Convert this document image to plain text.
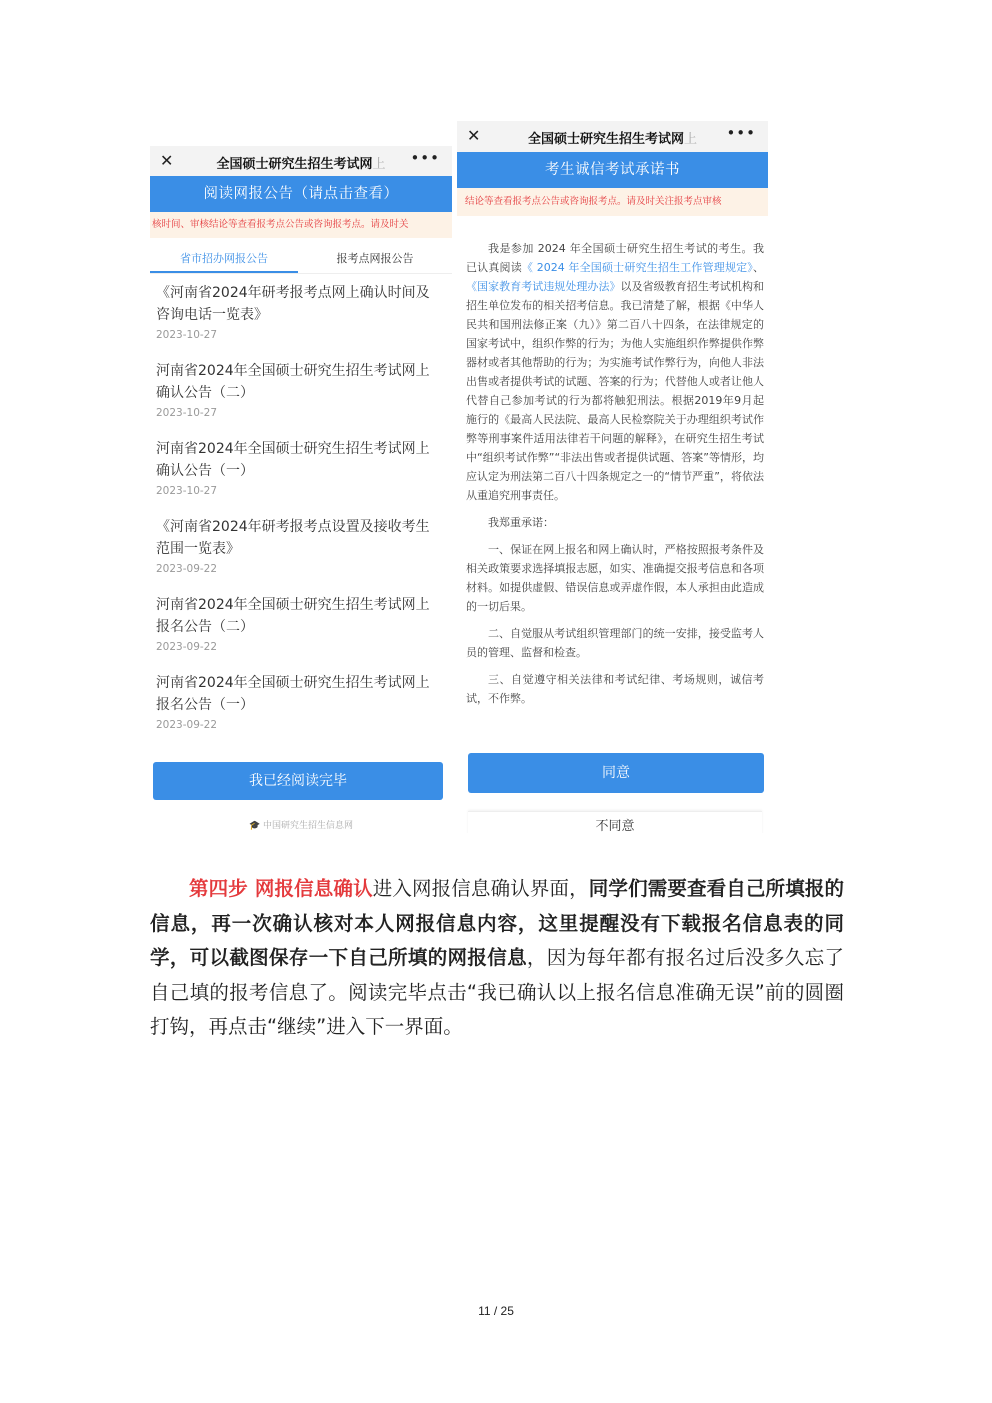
✕	全国硕士研究生招生考试网上	•••
阅读网报公告（请点击查看）
核时间、审核结论等查看报考点公告或咨询报考点。请及时关
省市招办网报公告	报考点网报公告
《河南省2024年研考报考点网上确认时间及咨询电话一览表》
2023-10-27
河南省2024年全国硕士研究生招生考试网上确认公告（二）
2023-10-27
河南省2024年全国硕士研究生招生考试网上确认公告（一）
2023-10-27
《河南省2024年研考报考点设置及接收考生范围一览表》
2023-09-22
河南省2024年全国硕士研究生招生考试网上报名公告（二）
2023-09-22
河南省2024年全国硕士研究生招生考试网上报名公告（一）
2023-09-22
我已经阅读完毕
🎓 中国研究生招生信息网
✕	全国硕士研究生招生考试网上	•••
考生诚信考试承诺书
结论等查看报考点公告或咨询报考点。请及时关注报考点审核

我是参加 2024 年全国硕士研究生招生考试的考生。我已认真阅读《 2024 年全国硕士研究生招生工作管理规定》、《国家教育考试违规处理办法》以及省级教育招生考试机构和招生单位发布的相关招考信息。我已清楚了解，根据《中华人民共和国刑法修正案（九）》第二百八十四条，在法律规定的国家考试中，组织作弊的行为；为他人实施组织作弊提供作弊器材或者其他帮助的行为；为实施考试作弊行为，向他人非法出售或者提供考试的试题、答案的行为；代替他人或者让他人代替自己参加考试的行为都将触犯刑法。根据2019年9月起施行的《最高人民法院、最高人民检察院关于办理组织考试作弊等刑事案件适用法律若干问题的解释》，在研究生招生考试中“组织考试作弊”“非法出售或者提供试题、答案”等情形，均应认定为刑法第二百八十四条规定之一的“情节严重”，将依法从重追究刑事责任。

我郑重承诺：

一、保证在网上报名和网上确认时，严格按照报考条件及相关政策要求选择填报志愿，如实、准确提交报考信息和各项材料。如提供虚假、错误信息或弄虚作假，本人承担由此造成的一切后果。

二、自觉服从考试组织管理部门的统一安排，接受监考人员的管理、监督和检查。

三、自觉遵守相关法律和考试纪律、考场规则，诚信考试，不作弊。

同意
不同意
第四步 网报信息确认进入网报信息确认界面，同学们需要查看自己所填报的信息，再一次确认核对本人网报信息内容，这里提醒没有下载报名信息表的同学，可以截图保存一下自己所填的网报信息，因为每年都有报名过后没多久忘了自己填的报考信息了。阅读完毕点击“我已确认以上报名信息准确无误”前的圆圈打钩，再点击“继续”进入下一界面。
11 / 25
